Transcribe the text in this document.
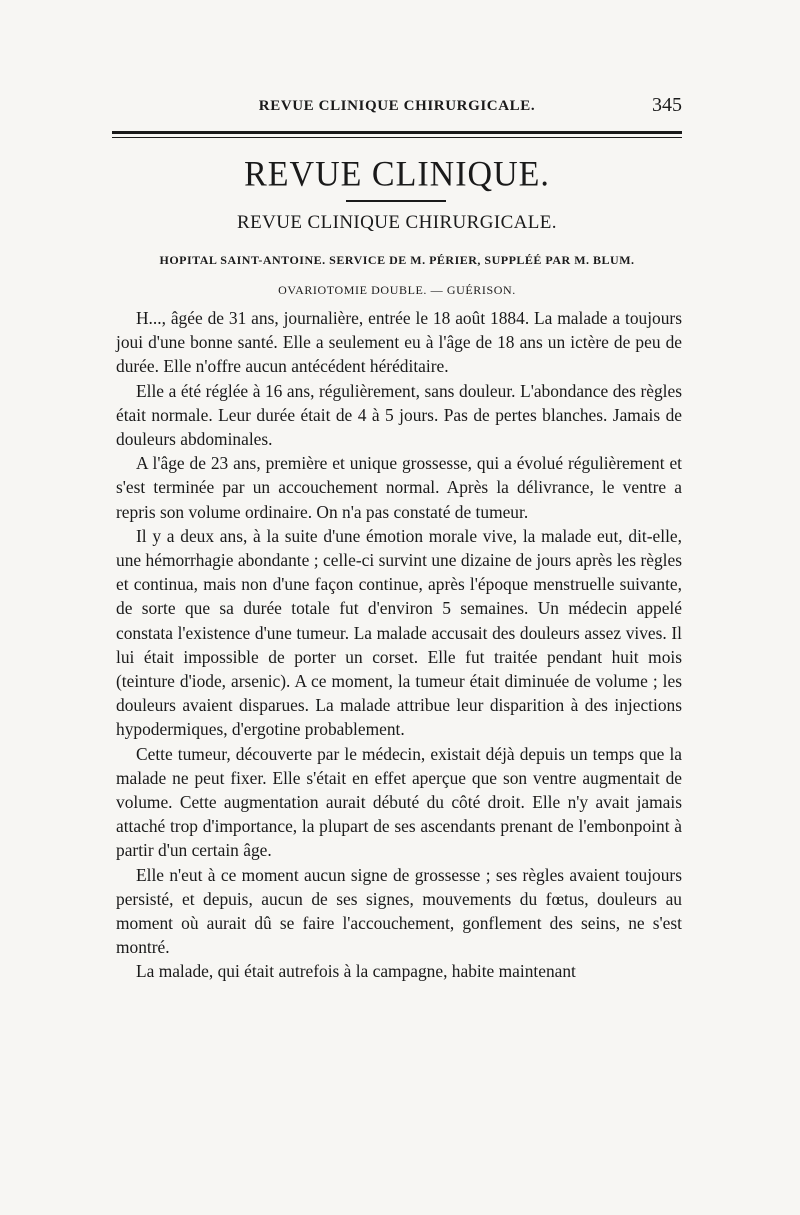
REVUE CLINIQUE CHIRURGICALE.	345
REVUE CLINIQUE.
REVUE CLINIQUE CHIRURGICALE.
HOPITAL SAINT-ANTOINE. SERVICE DE M. PÉRIER, SUPPLÉÉ PAR M. BLUM.
OVARIOTOMIE DOUBLE. — GUÉRISON.

H..., âgée de 31 ans, journalière, entrée le 18 août 1884. La malade a toujours joui d'une bonne santé. Elle a seulement eu à l'âge de 18 ans un ictère de peu de durée. Elle n'offre aucun antécédent héréditaire.

Elle a été réglée à 16 ans, régulièrement, sans douleur. L'abondance des règles était normale. Leur durée était de 4 à 5 jours. Pas de pertes blanches. Jamais de douleurs abdominales.

A l'âge de 23 ans, première et unique grossesse, qui a évolué régulièrement et s'est terminée par un accouchement normal. Après la délivrance, le ventre a repris son volume ordinaire. On n'a pas constaté de tumeur.

Il y a deux ans, à la suite d'une émotion morale vive, la malade eut, dit-elle, une hémorrhagie abondante ; celle-ci survint une dizaine de jours après les règles et continua, mais non d'une façon continue, après l'époque menstruelle suivante, de sorte que sa durée totale fut d'environ 5 semaines. Un médecin appelé constata l'existence d'une tumeur. La malade accusait des douleurs assez vives. Il lui était impossible de porter un corset. Elle fut traitée pendant huit mois (teinture d'iode, arsenic). A ce moment, la tumeur était diminuée de volume ; les douleurs avaient disparues. La malade attribue leur disparition à des injections hypodermiques, d'ergotine probablement.

Cette tumeur, découverte par le médecin, existait déjà depuis un temps que la malade ne peut fixer. Elle s'était en effet aperçue que son ventre augmentait de volume. Cette augmentation aurait débuté du côté droit. Elle n'y avait jamais attaché trop d'importance, la plupart de ses ascendants prenant de l'embonpoint à partir d'un certain âge.

Elle n'eut à ce moment aucun signe de grossesse ; ses règles avaient toujours persisté, et depuis, aucun de ses signes, mouvements du fœtus, douleurs au moment où aurait dû se faire l'accouchement, gonflement des seins, ne s'est montré.

La malade, qui était autrefois à la campagne, habite maintenant
